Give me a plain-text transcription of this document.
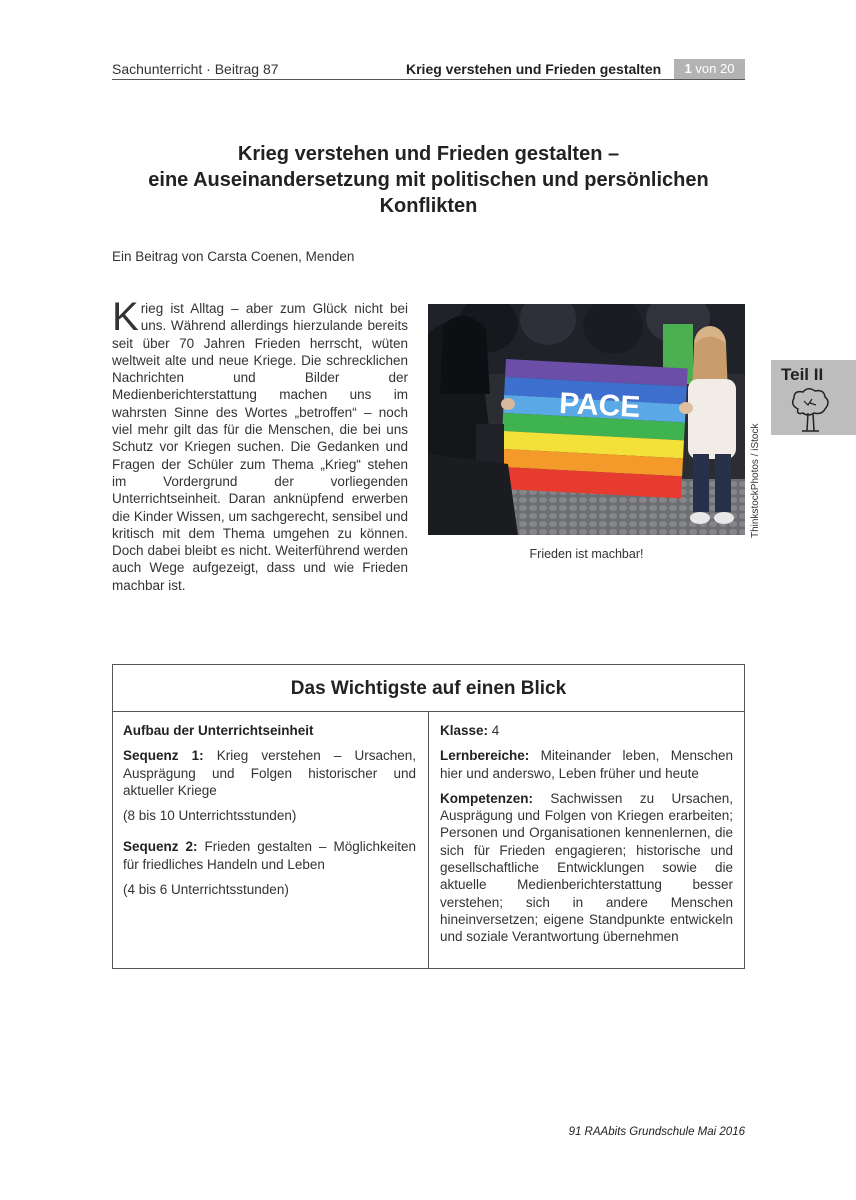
Sachunterricht · Beitrag 87	Krieg verstehen und Frieden gestalten	1 von 20
Krieg verstehen und Frieden gestalten –
eine Auseinandersetzung mit politischen und persönlichen
Konflikten
Ein Beitrag von Carsta Coenen, Menden
Krieg ist Alltag – aber zum Glück nicht bei uns. Während allerdings hierzulande bereits seit über 70 Jahren Frieden herrscht, wüten weltweit alte und neue Kriege. Die schrecklichen Nachrichten und Bilder der Medienberichterstattung machen uns im wahrsten Sinne des Wortes „betroffen“ – noch viel mehr gilt das für die Menschen, die bei uns Schutz vor Kriegen suchen. Die Gedanken und Fragen der Schüler zum Thema „Krieg“ stehen im Vordergrund der vorliegenden Unterrichtseinheit. Daran anknüpfend erwerben die Kinder Wissen, um sachgerecht, sensibel und kritisch mit dem Thema umgehen zu können. Doch dabei bleibt es nicht. Weiterführend werden auch Wege aufgezeigt, dass und wie Frieden machbar ist.
PACE
Frieden ist machbar!
ThinkstockPhotos / iStock
Teil II
Das Wichtigste auf einen Blick

Aufbau der Unterrichtseinheit

Sequenz 1: Krieg verstehen – Ursachen, Ausprägung und Folgen historischer und aktueller Kriege

(8 bis 10 Unterrichtsstunden)

Sequenz 2: Frieden gestalten – Möglichkeiten für friedliches Handeln und Leben

(4 bis 6 Unterrichtsstunden)

Klasse: 4

Lernbereiche: Miteinander leben, Menschen hier und anderswo, Leben früher und heute

Kompetenzen: Sachwissen zu Ursachen, Ausprägung und Folgen von Kriegen erarbeiten; Personen und Organisationen kennenlernen, die sich für Frieden engagieren; historische und gesellschaftliche Entwicklungen sowie die aktuelle Medienberichterstattung besser verstehen; sich in andere Menschen hineinversetzen; eigene Standpunkte entwickeln und soziale Verantwortung übernehmen

91 RAAbits Grundschule Mai 2016
